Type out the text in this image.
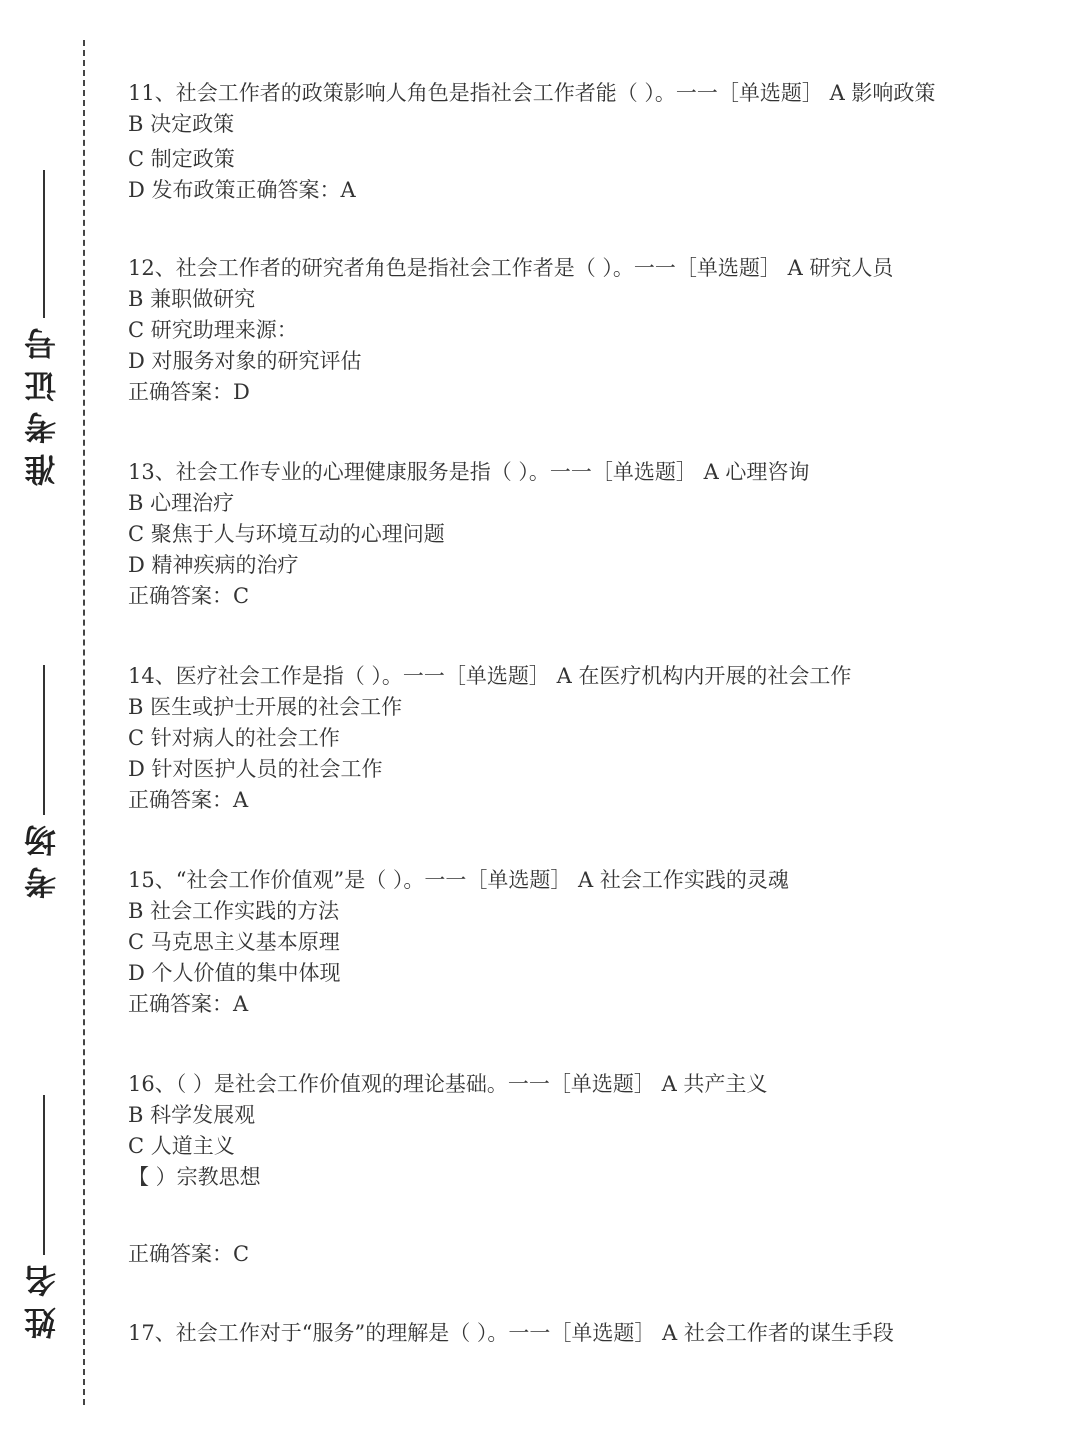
准考证号
考场
姓名
11、社会工作者的政策影响人角色是指社会工作者能（ ）。一一［单选题］ A 影响政策
B 决定政策
C 制定政策
D 发布政策正确答案：A
12、社会工作者的研究者角色是指社会工作者是（ ）。一一［单选题］ A 研究人员
B 兼职做研究
C 研究助理来源：
D 对服务对象的研究评估
正确答案：D
13、社会工作专业的心理健康服务是指（ ）。一一［单选题］ A 心理咨询
B 心理治疗
C 聚焦于人与环境互动的心理问题
D 精神疾病的治疗
正确答案：C
14、医疗社会工作是指（ ）。一一［单选题］ A 在医疗机构内开展的社会工作
B 医生或护士开展的社会工作
C 针对病人的社会工作
D 针对医护人员的社会工作
正确答案：A
15、“社会工作价值观”是（ ）。一一［单选题］ A 社会工作实践的灵魂
B 社会工作实践的方法
C 马克思主义基本原理
D 个人价值的集中体现
正确答案：A
16、（ ）是社会工作价值观的理论基础。一一［单选题］ A 共产主义
B 科学发展观
C 人道主义
【 ）宗教思想
正确答案：C
17、社会工作对于“服务”的理解是（ ）。一一［单选题］ A 社会工作者的谋生手段
